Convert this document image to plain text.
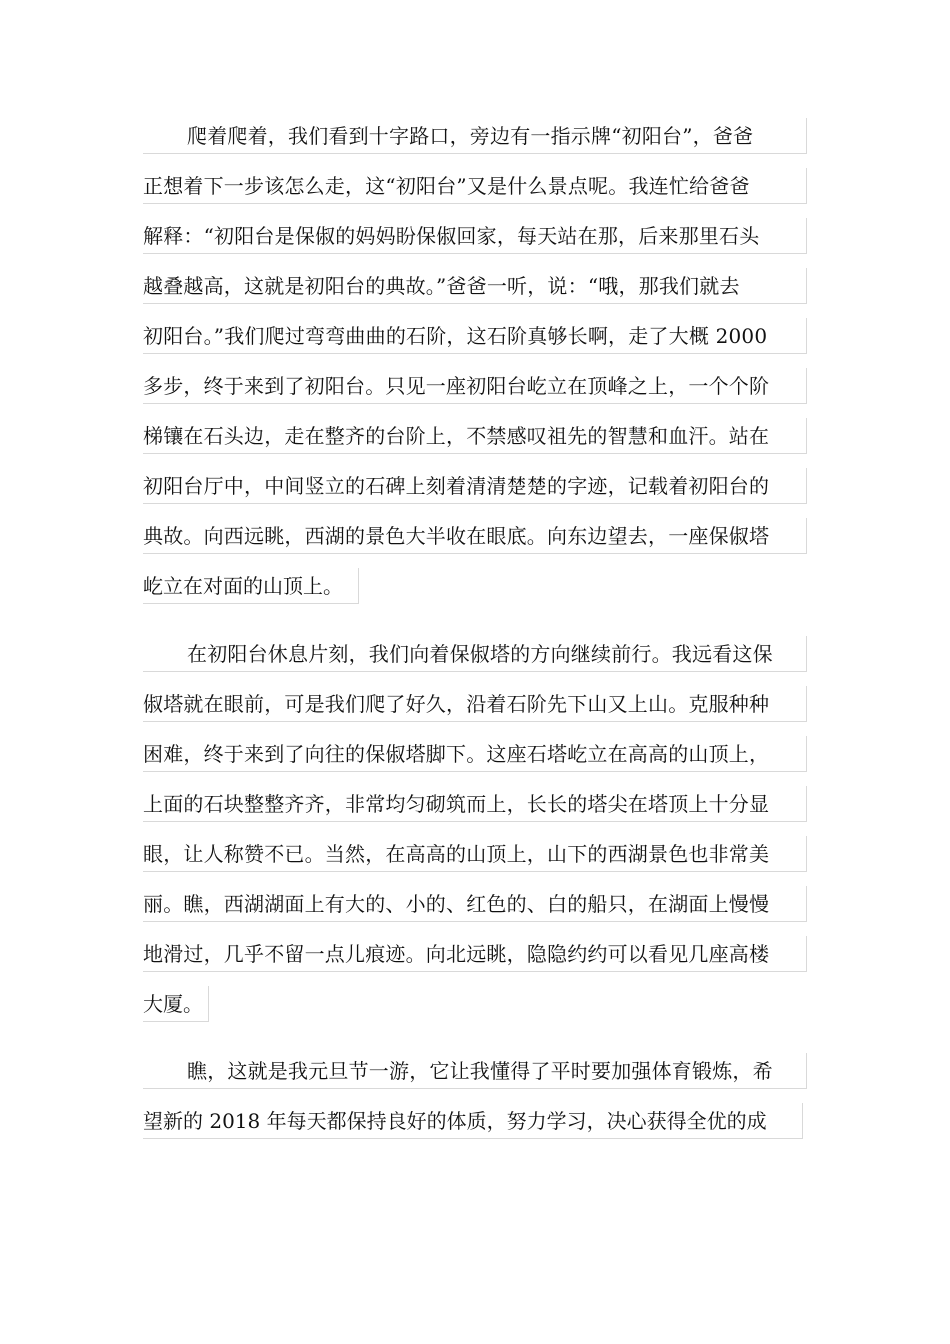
爬着爬着，我们看到十字路口，旁边有一指示牌“初阳台”，爸爸
正想着下一步该怎么走，这“初阳台”又是什么景点呢。我连忙给爸爸
解释：“初阳台是保俶的妈妈盼保俶回家，每天站在那，后来那里石头
越叠越高，这就是初阳台的典故。”爸爸一听，说：“哦，那我们就去
初阳台。”我们爬过弯弯曲曲的石阶，这石阶真够长啊，走了大概 2000
多步，终于来到了初阳台。只见一座初阳台屹立在顶峰之上，一个个阶
梯镶在石头边，走在整齐的台阶上，不禁感叹祖先的智慧和血汗。站在
初阳台厅中，中间竖立的石碑上刻着清清楚楚的字迹，记载着初阳台的
典故。向西远眺，西湖的景色大半收在眼底。向东边望去，一座保俶塔
屹立在对面的山顶上。
在初阳台休息片刻，我们向着保俶塔的方向继续前行。我远看这保
俶塔就在眼前，可是我们爬了好久，沿着石阶先下山又上山。克服种种
困难，终于来到了向往的保俶塔脚下。这座石塔屹立在高高的山顶上，
上面的石块整整齐齐，非常均匀砌筑而上，长长的塔尖在塔顶上十分显
眼，让人称赞不已。当然，在高高的山顶上，山下的西湖景色也非常美
丽。瞧，西湖湖面上有大的、小的、红色的、白的船只，在湖面上慢慢
地滑过，几乎不留一点儿痕迹。向北远眺，隐隐约约可以看见几座高楼
大厦。
瞧，这就是我元旦节一游，它让我懂得了平时要加强体育锻炼，希
望新的 2018 年每天都保持良好的体质，努力学习，决心获得全优的成
